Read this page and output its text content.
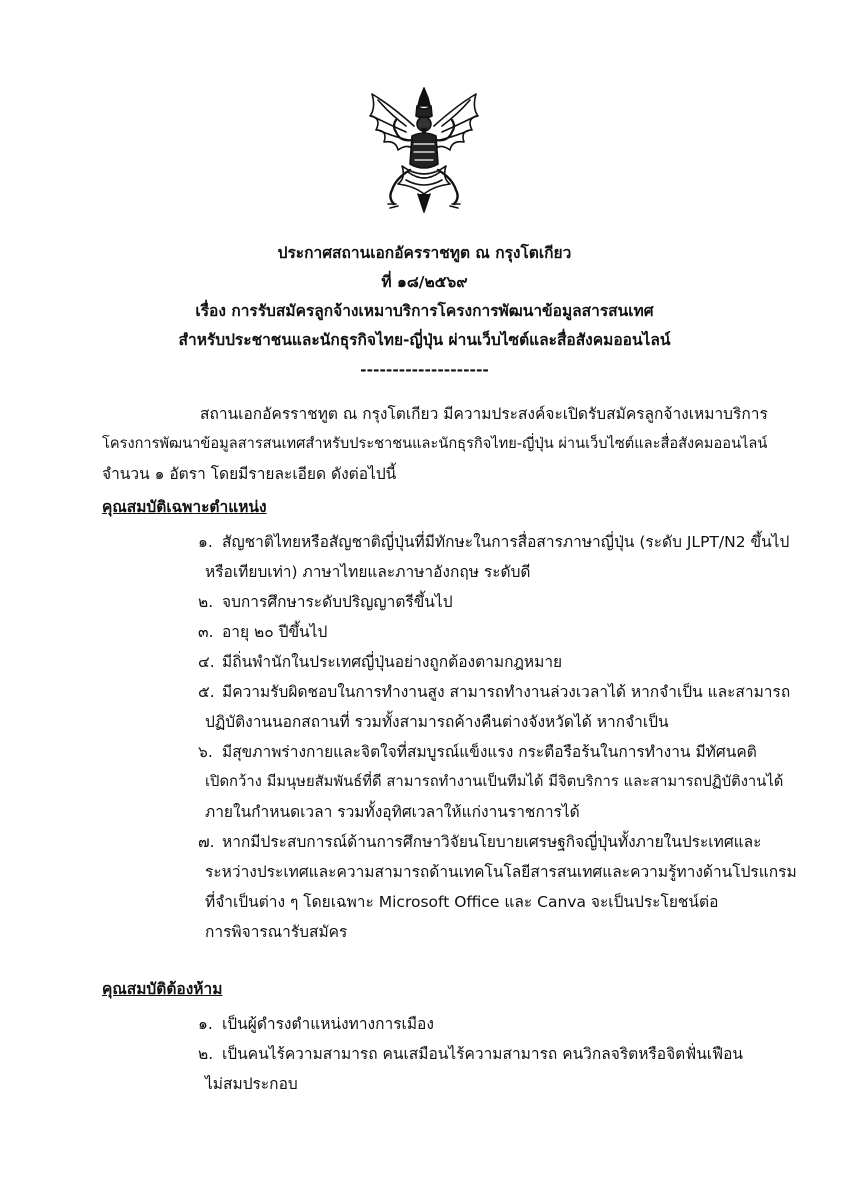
ประกาศสถานเอกอัครราชทูต ณ กรุงโตเกียว
ที่ ๑๘/๒๕๖๙
เรื่อง การรับสมัครลูกจ้างเหมาบริการโครงการพัฒนาข้อมูลสารสนเทศ
สำหรับประชาชนและนักธุรกิจไทย-ญี่ปุ่น ผ่านเว็บไซต์และสื่อสังคมออนไลน์
--------------------
สถานเอกอัครราชทูต ณ กรุงโตเกียว มีความประสงค์จะเปิดรับสมัครลูกจ้างเหมาบริการ
โครงการพัฒนาข้อมูลสารสนเทศสำหรับประชาชนและนักธุรกิจไทย-ญี่ปุ่น ผ่านเว็บไซต์และสื่อสังคมออนไลน์
จำนวน ๑ อัตรา โดยมีรายละเอียด ดังต่อไปนี้
คุณสมบัติเฉพาะตำแหน่ง
๑. สัญชาติไทยหรือสัญชาติญี่ปุ่นที่มีทักษะในการสื่อสารภาษาญี่ปุ่น (ระดับ JLPT/N2 ขึ้นไป
หรือเทียบเท่า) ภาษาไทยและภาษาอังกฤษ ระดับดี
๒. จบการศึกษาระดับปริญญาตรีขึ้นไป
๓. อายุ ๒๐ ปีขึ้นไป
๔. มีถิ่นพำนักในประเทศญี่ปุ่นอย่างถูกต้องตามกฎหมาย
๕. มีความรับผิดชอบในการทำงานสูง สามารถทำงานล่วงเวลาได้ หากจำเป็น และสามารถ
ปฏิบัติงานนอกสถานที่ รวมทั้งสามารถค้างคืนต่างจังหวัดได้ หากจำเป็น
๖. มีสุขภาพร่างกายและจิตใจที่สมบูรณ์แข็งแรง กระตือรือร้นในการทำงาน มีทัศนคติ
เปิดกว้าง มีมนุษยสัมพันธ์ที่ดี สามารถทำงานเป็นทีมได้ มีจิตบริการ และสามารถปฏิบัติงานได้
ภายในกำหนดเวลา รวมทั้งอุทิศเวลาให้แก่งานราชการได้
๗. หากมีประสบการณ์ด้านการศึกษาวิจัยนโยบายเศรษฐกิจญี่ปุ่นทั้งภายในประเทศและ
ระหว่างประเทศและความสามารถด้านเทคโนโลยีสารสนเทศและความรู้ทางด้านโปรแกรม
ที่จำเป็นต่าง ๆ โดยเฉพาะ Microsoft Office และ Canva จะเป็นประโยชน์ต่อ
การพิจารณารับสมัคร
คุณสมบัติต้องห้าม
๑. เป็นผู้ดำรงตำแหน่งทางการเมือง
๒. เป็นคนไร้ความสามารถ คนเสมือนไร้ความสามารถ คนวิกลจริตหรือจิตฟั่นเฟือน
ไม่สมประกอบ
